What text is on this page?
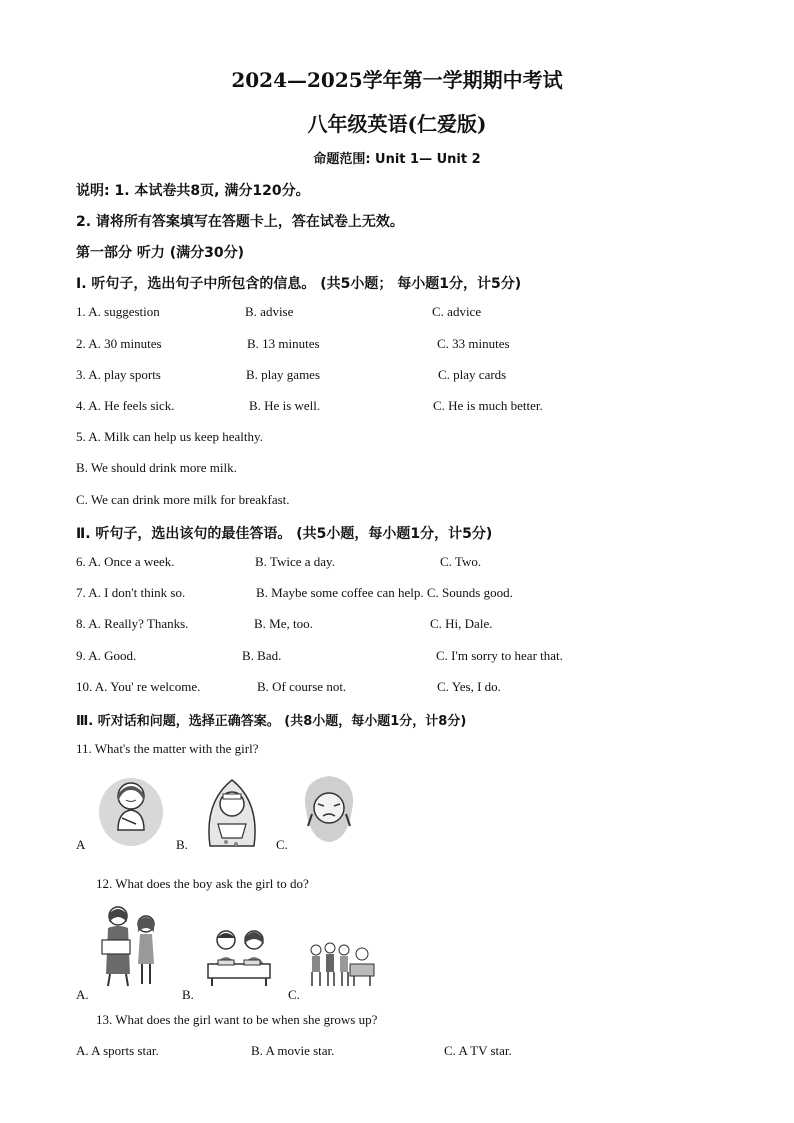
2024—2025学年第一学期期中考试
八年级英语(仁爱版)
命题范围: Unit 1— Unit 2
说明: 1. 本试卷共8页, 满分120分。
2. 请将所有答案填写在答题卡上，答在试卷上无效。
第一部分 听力 (满分30分)
Ⅰ. 听句子，选出句子中所包含的信息。 (共5小题； 每小题1分，计5分)
1. A. suggestion	B. advise	C. advice
2. A. 30 minutes	B. 13 minutes	C. 33 minutes
3. A. play sports	B. play games	C. play cards
4. A. He feels sick.	B. He is well.	C. He is much better.
5. A. Milk can help us keep healthy.
B. We should drink more milk.
C. We can drink more milk for breakfast.
Ⅱ. 听句子，选出该句的最佳答语。 (共5小题，每小题1分，计5分)
6. A. Once a week.	B. Twice a day.	C. Two.
7. A. I don't think so.	B. Maybe some coffee can help. C. Sounds good.
8. A. Really? Thanks.	B. Me, too.	C. Hi, Dale.
9. A. Good.	B. Bad.	C. I'm sorry to hear that.
10. A. You' re welcome.	B. Of course not.	C. Yes, I do.
Ⅲ. 听对话和问题，选择正确答案。 (共8小题，每小题1分，计8分)
11. What's the matter with the girl?
A	B.	C.
12. What does the boy ask the girl to do?
A.	B.	C.
13. What does the girl want to be when she grows up?
A. A sports star.	B. A movie star.	C. A TV star.
